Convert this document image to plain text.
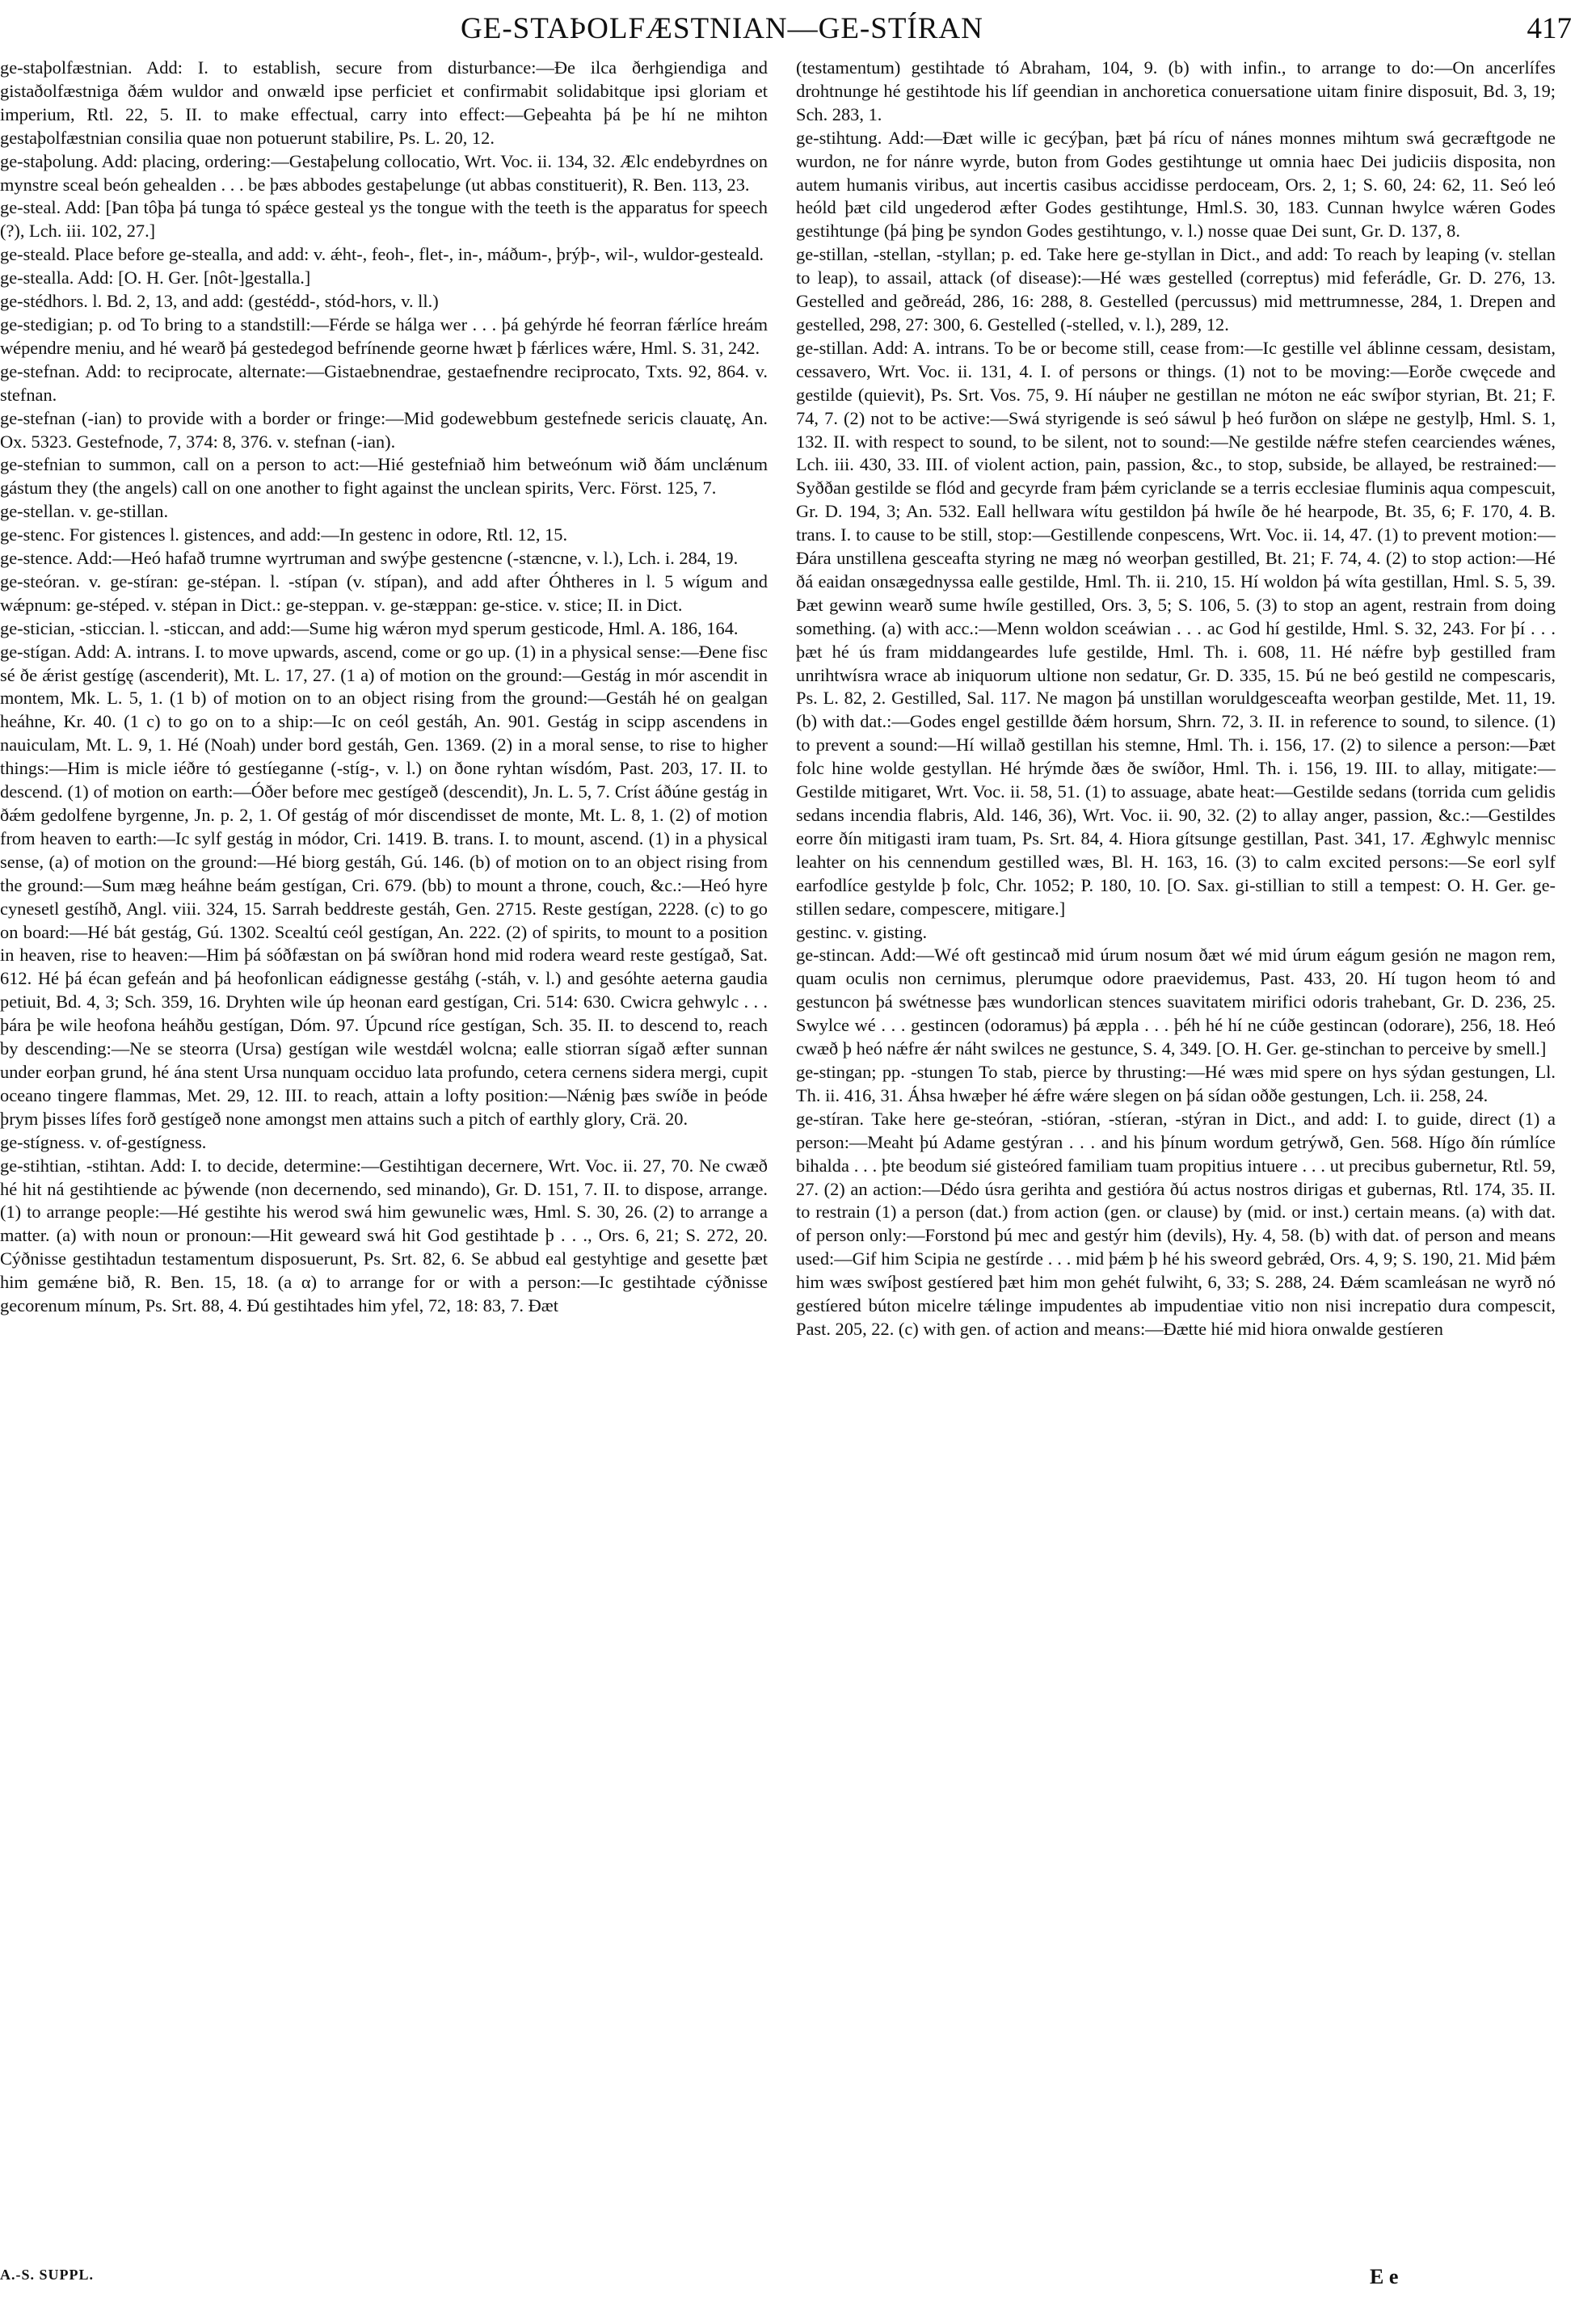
GE-STAÞOLFÆSTNIAN—GE-STÍRAN	417

ge-staþolfæstnian. Add: I. to establish, secure from disturbance:—Ðe ilca ðerhgiendiga and gistaðolfæstniga ðǽm wuldor and onwæld ipse perficiet et confirmabit solidabitque ipsi gloriam et imperium, Rtl. 22, 5. II. to make effectual, carry into effect:—Geþeahta þá þe hí ne mihton gestaþolfæstnian consilia quae non potuerunt stabilire, Ps. L. 20, 12.

ge-staþolung. Add: placing, ordering:—Gestaþelung collocatio, Wrt. Voc. ii. 134, 32. Ælc endebyrdnes on mynstre sceal beón gehealden . . . be þæs abbodes gestaþelunge (ut abbas constituerit), R. Ben. 113, 23.

ge-steal. Add: [Þan tôþa þá tunga tó spǽce gesteal ys the tongue with the teeth is the apparatus for speech (?), Lch. iii. 102, 27.]

ge-steald. Place before ge-stealla, and add: v. ǽht-, feoh-, flet-, in-, máðum-, þrýþ-, wil-, wuldor-gesteald.

ge-stealla. Add: [O. H. Ger. [nôt-]gestalla.]

ge-stédhors. l. Bd. 2, 13, and add: (gestédd-, stód-hors, v. ll.)

ge-stedigian; p. od To bring to a standstill:—Férde se hálga wer . . . þá gehýrde hé feorran fǽrlíce hreám wépendre meniu, and hé wearð þá gestedegod befrínende georne hwæt þ fǽrlices wǽre, Hml. S. 31, 242.

ge-stefnan. Add: to reciprocate, alternate:—Gistaebnendrae, gestaefnendre reciprocato, Txts. 92, 864. v. stefnan.

ge-stefnan (-ian) to provide with a border or fringe:—Mid godewebbum gestefnede sericis clauatę, An. Ox. 5323. Gestefnode, 7, 374: 8, 376. v. stefnan (-ian).

ge-stefnian to summon, call on a person to act:—Hié gestefniað him betweónum wið ðám unclǽnum gástum they (the angels) call on one another to fight against the unclean spirits, Verc. Först. 125, 7.

ge-stellan. v. ge-stillan.

ge-stenc. For gistences l. gistences, and add:—In gestenc in odore, Rtl. 12, 15.

ge-stence. Add:—Heó hafað trumne wyrtruman and swýþe gestencne (-stæncne, v. l.), Lch. i. 284, 19.

ge-steóran. v. ge-stíran: ge-stépan. l. -stípan (v. stípan), and add after Óhtheres in l. 5 wígum and wǽpnum: ge-stéped. v. stépan in Dict.: ge-steppan. v. ge-stæppan: ge-stice. v. stice; II. in Dict.

ge-stician, -sticcian. l. -sticcan, and add:—Sume hig wǽron myd sperum gesticode, Hml. A. 186, 164.

ge-stígan. Add: A. intrans. I. to move upwards, ascend, come or go up. (1) in a physical sense:—Ðene fisc sé ðe ǽrist gestígę (ascenderit), Mt. L. 17, 27. (1 a) of motion on the ground:—Gestág in mór ascendit in montem, Mk. L. 5, 1. (1 b) of motion on to an object rising from the ground:—Gestáh hé on gealgan heáhne, Kr. 40. (1 c) to go on to a ship:—Ic on ceól gestáh, An. 901. Gestág in scipp ascendens in nauiculam, Mt. L. 9, 1. Hé (Noah) under bord gestáh, Gen. 1369. (2) in a moral sense, to rise to higher things:—Him is micle iéðre tó gestíeganne (-stíg-, v. l.) on ðone ryhtan wísdóm, Past. 203, 17. II. to descend. (1) of motion on earth:—Óðer before mec gestígeð (descendit), Jn. L. 5, 7. Críst áðúne gestág in ðǽm gedolfene byrgenne, Jn. p. 2, 1. Of gestág of mór discendisset de monte, Mt. L. 8, 1. (2) of motion from heaven to earth:—Ic sylf gestág in módor, Cri. 1419. B. trans. I. to mount, ascend. (1) in a physical sense, (a) of motion on the ground:—Hé biorg gestáh, Gú. 146. (b) of motion on to an object rising from the ground:—Sum mæg heáhne beám gestígan, Cri. 679. (bb) to mount a throne, couch, &c.:—Heó hyre cynesetl gestíhð, Angl. viii. 324, 15. Sarrah beddreste gestáh, Gen. 2715. Reste gestígan, 2228. (c) to go on board:—Hé bát gestág, Gú. 1302. Scealtú ceól gestígan, An. 222. (2) of spirits, to mount to a position in heaven, rise to heaven:—Him þá sóðfæstan on þá swíðran hond mid rodera weard reste gestígað, Sat. 612. Hé þá écan gefeán and þá heofonlican eádignesse gestáhg (-stáh, v. l.) and gesóhte aeterna gaudia petiuit, Bd. 4, 3; Sch. 359, 16. Dryhten wile úp heonan eard gestígan, Cri. 514: 630. Cwicra gehwylc . . . þára þe wile heofona heáhðu gestígan, Dóm. 97. Úpcund ríce gestígan, Sch. 35. II. to descend to, reach by descending:—Ne se steorra (Ursa) gestígan wile westdǽl wolcna; ealle stiorran sígað æfter sunnan under eorþan grund, hé ána stent Ursa nunquam occiduo lata profundo, cetera cernens sidera mergi, cupit oceano tingere flammas, Met. 29, 12. III. to reach, attain a lofty position:—Nǽnig þæs swíðe in þeóde þrym þisses lífes forð gestígeð none amongst men attains such a pitch of earthly glory, Crä. 20.

ge-stígness. v. of-gestígness.

ge-stihtian, -stihtan. Add: I. to decide, determine:—Gestihtigan decernere, Wrt. Voc. ii. 27, 70. Ne cwæð hé hit ná gestihtiende ac þýwende (non decernendo, sed minando), Gr. D. 151, 7. II. to dispose, arrange. (1) to arrange people:—Hé gestihte his werod swá him gewunelic wæs, Hml. S. 30, 26. (2) to arrange a matter. (a) with noun or pronoun:—Hit geweard swá hit God gestihtade þ . . ., Ors. 6, 21; S. 272, 20. Cýðnisse gestihtadun testamentum disposuerunt, Ps. Srt. 82, 6. Se abbud eal gestyhtige and gesette þæt him gemǽne bið, R. Ben. 15, 18. (a α) to arrange for or with a person:—Ic gestihtade cýðnisse gecorenum mínum, Ps. Srt. 88, 4. Ðú gestihtades him yfel, 72, 18: 83, 7. Ðæt

(testamentum) gestihtade tó Abraham, 104, 9. (b) with infin., to arrange to do:—On ancerlífes drohtnunge hé gestihtode his líf geendian in anchoretica conuersatione uitam finire disposuit, Bd. 3, 19; Sch. 283, 1.

ge-stihtung. Add:—Ðæt wille ic gecýþan, þæt þá rícu of nánes monnes mihtum swá gecræftgode ne wurdon, ne for nánre wyrde, buton from Godes gestihtunge ut omnia haec Dei judiciis disposita, non autem humanis viribus, aut incertis casibus accidisse perdoceam, Ors. 2, 1; S. 60, 24: 62, 11. Seó leó heóld þæt cild ungederod æfter Godes gestihtunge, Hml.S. 30, 183. Cunnan hwylce wǽren Godes gestihtunge (þá þing þe syndon Godes gestihtungo, v. l.) nosse quae Dei sunt, Gr. D. 137, 8.

ge-stillan, -stellan, -styllan; p. ed. Take here ge-styllan in Dict., and add: To reach by leaping (v. stellan to leap), to assail, attack (of disease):—Hé wæs gestelled (correptus) mid feferádle, Gr. D. 276, 13. Gestelled and geðreád, 286, 16: 288, 8. Gestelled (percussus) mid mettrumnesse, 284, 1. Drepen and gestelled, 298, 27: 300, 6. Gestelled (-stelled, v. l.), 289, 12.

ge-stillan. Add: A. intrans. To be or become still, cease from:—Ic gestille vel áblinne cessam, desistam, cessavero, Wrt. Voc. ii. 131, 4. I. of persons or things. (1) not to be moving:—Eorðe cwęcede and gestilde (quievit), Ps. Srt. Vos. 75, 9. Hí náuþer ne gestillan ne móton ne eác swíþor styrian, Bt. 21; F. 74, 7. (2) not to be active:—Swá styrigende is seó sáwul þ heó furðon on slǽpe ne gestylþ, Hml. S. 1, 132. II. with respect to sound, to be silent, not to sound:—Ne gestilde nǽfre stefen cearciendes wǽnes, Lch. iii. 430, 33. III. of violent action, pain, passion, &c., to stop, subside, be allayed, be restrained:—Syððan gestilde se flód and gecyrde fram þǽm cyriclande se a terris ecclesiae fluminis aqua compescuit, Gr. D. 194, 3; An. 532. Eall hellwara wítu gestildon þá hwíle ðe hé hearpode, Bt. 35, 6; F. 170, 4. B. trans. I. to cause to be still, stop:—Gestillende conpescens, Wrt. Voc. ii. 14, 47. (1) to prevent motion:—Ðára unstillena gesceafta styring ne mæg nó weorþan gestilled, Bt. 21; F. 74, 4. (2) to stop action:—Hé ðá eaidan onsægednyssa ealle gestilde, Hml. Th. ii. 210, 15. Hí woldon þá wíta gestillan, Hml. S. 5, 39. Þæt gewinn wearð sume hwíle gestilled, Ors. 3, 5; S. 106, 5. (3) to stop an agent, restrain from doing something. (a) with acc.:—Menn woldon sceáwian . . . ac God hí gestilde, Hml. S. 32, 243. For þí . . . þæt hé ús fram middangeardes lufe gestilde, Hml. Th. i. 608, 11. Hé nǽfre byþ gestilled fram unrihtwísra wrace ab iniquorum ultione non sedatur, Gr. D. 335, 15. Þú ne beó gestild ne compescaris, Ps. L. 82, 2. Gestilled, Sal. 117. Ne magon þá unstillan woruldgesceafta weorþan gestilde, Met. 11, 19. (b) with dat.:—Godes engel gestillde ðǽm horsum, Shrn. 72, 3. II. in reference to sound, to silence. (1) to prevent a sound:—Hí willað gestillan his stemne, Hml. Th. i. 156, 17. (2) to silence a person:—Þæt folc hine wolde gestyllan. Hé hrýmde ðæs ðe swíðor, Hml. Th. i. 156, 19. III. to allay, mitigate:—Gestilde mitigaret, Wrt. Voc. ii. 58, 51. (1) to assuage, abate heat:—Gestilde sedans (torrida cum gelidis sedans incendia flabris, Ald. 146, 36), Wrt. Voc. ii. 90, 32. (2) to allay anger, passion, &c.:—Gestildes eorre ðín mitigasti iram tuam, Ps. Srt. 84, 4. Hiora gítsunge gestillan, Past. 341, 17. Æghwylc mennisc leahter on his cennendum gestilled wæs, Bl. H. 163, 16. (3) to calm excited persons:—Se eorl sylf earfodlíce gestylde þ folc, Chr. 1052; P. 180, 10. [O. Sax. gi-stillian to still a tempest: O. H. Ger. ge-stillen sedare, compescere, mitigare.]

gestinc. v. gisting.

ge-stincan. Add:—Wé oft gestincað mid úrum nosum ðæt wé mid úrum eágum gesión ne magon rem, quam oculis non cernimus, plerumque odore praevidemus, Past. 433, 20. Hí tugon heom tó and gestuncon þá swétnesse þæs wundorlican stences suavitatem mirifici odoris trahebant, Gr. D. 236, 25. Swylce wé . . . gestincen (odoramus) þá æppla . . . þéh hé hí ne cúðe gestincan (odorare), 256, 18. Heó cwæð þ heó nǽfre ǽr náht swilces ne gestunce, S. 4, 349. [O. H. Ger. ge-stinchan to perceive by smell.]

ge-stingan; pp. -stungen To stab, pierce by thrusting:—Hé wæs mid spere on hys sýdan gestungen, Ll. Th. ii. 416, 31. Áhsa hwæþer hé ǽfre wǽre slegen on þá sídan oððe gestungen, Lch. ii. 258, 24.

ge-stíran. Take here ge-steóran, -stióran, -stíeran, -stýran in Dict., and add: I. to guide, direct (1) a person:—Meaht þú Adame gestýran . . . and his þínum wordum getrýwð, Gen. 568. Hígo ðín rúmlíce bihalda . . . þte beodum sié gisteóred familiam tuam propitius intuere . . . ut precibus gubernetur, Rtl. 59, 27. (2) an action:—Dédo úsra gerihta and gestióra ðú actus nostros dirigas et gubernas, Rtl. 174, 35. II. to restrain (1) a person (dat.) from action (gen. or clause) by (mid. or inst.) certain means. (a) with dat. of person only:—Forstond þú mec and gestýr him (devils), Hy. 4, 58. (b) with dat. of person and means used:—Gif him Scipia ne gestírde . . . mid þǽm þ hé his sweord gebrǽd, Ors. 4, 9; S. 190, 21. Mid þǽm him wæs swíþost gestíered þæt him mon gehét fulwiht, 6, 33; S. 288, 24. Ðǽm scamleásan ne wyrð nó gestíered búton micelre tǽlinge impudentes ab impudentiae vitio non nisi increpatio dura compescit, Past. 205, 22. (c) with gen. of action and means:—Ðætte hié mid hiora onwalde gestíeren

A.-S. SUPPL.	E e
